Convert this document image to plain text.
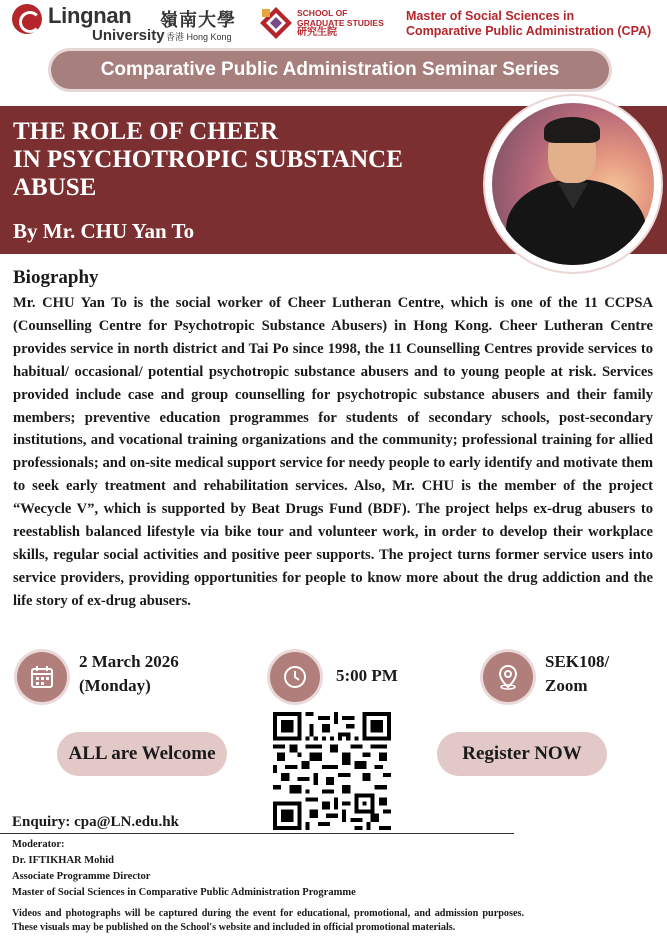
Lingnan 嶺南大學
University 香港 Hong Kong
SCHOOL OF
GRADUATE STUDIES
研究生院
Master of Social Sciences in
Comparative Public Administration (CPA)
Comparative Public Administration Seminar Series
THE ROLE OF CHEER
IN PSYCHOTROPIC SUBSTANCE
ABUSE
By Mr. CHU Yan To
Biography
Mr. CHU Yan To is the social worker of Cheer Lutheran Centre, which is one of the 11 CCPSA (Counselling Centre for Psychotropic Substance Abusers) in Hong Kong. Cheer Lutheran Centre provides service in north district and Tai Po since 1998, the 11 Counselling Centres provide services to habitual/ occasional/ potential psychotropic substance abusers and to young people at risk. Services provided include case and group counselling for psychotropic substance abusers and their family members; preventive education programmes for students of secondary schools, post-secondary institutions, and vocational training organizations and the community; professional training for allied professionals; and on-site medical support service for needy people to early identify and motivate them to seek early treatment and rehabilitation services. Also, Mr. CHU is the member of the project “Wecycle V”, which is supported by Beat Drugs Fund (BDF). The project helps ex-drug abusers to reestablish balanced lifestyle via bike tour and volunteer work, in order to develop their workplace skills, regular social activities and positive peer supports. The project turns former service users into service providers, providing opportunities for people to know more about the drug addiction and the life story of ex-drug abusers.
2 March 2026
(Monday)
5:00 PM
SEK108/
Zoom
ALL are Welcome	Register NOW
Enquiry: cpa@LN.edu.hk
Moderator:
Dr. IFTIKHAR Mohid
Associate Programme Director
Master of Social Sciences in Comparative Public Administration Programme
Videos and photographs will be captured during the event for educational, promotional, and admission purposes. These visuals may be published on the School's website and included in official promotional materials.
